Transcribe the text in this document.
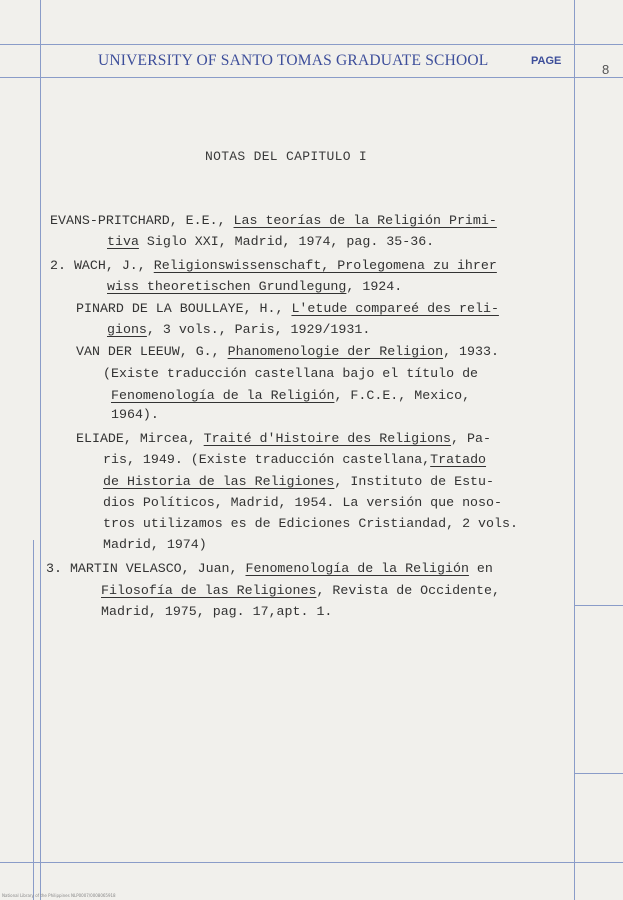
UNIVERSITY OF SANTO TOMAS GRADUATE SCHOOL	PAGE
8
NOTAS DEL CAPITULO I
EVANS-PRITCHARD, E.E., Las teorías de la Religión Primi-
tiva Siglo XXI, Madrid, 1974, pag. 35-36.
2. WACH, J., Religionswissenschaft, Prolegomena zu ihrer
wiss theoretischen Grundlegung, 1924.
PINARD DE LA BOULLAYE, H., L'etude compareé des reli-
gions, 3 vols., Paris, 1929/1931.
VAN DER LEEUW, G., Phanomenologie der Religion, 1933.
(Existe traducción castellana bajo el título de
Fenomenología de la Religión, F.C.E., Mexico,
1964).
ELIADE, Mircea, Traité d'Histoire des Religions, Pa-
ris, 1949. (Existe traducción castellana,Tratado
de Historia de las Religiones, Instituto de Estu-
dios Políticos, Madrid, 1954. La versión que noso-
tros utilizamos es de Ediciones Cristiandad, 2 vols.
Madrid, 1974)
3. MARTIN VELASCO, Juan, Fenomenología de la Religión en
Filosofía de las Religiones, Revista de Occidente,
Madrid, 1975, pag. 17,apt. 1.
National Library of the Philippines NLP0007/0008065918
